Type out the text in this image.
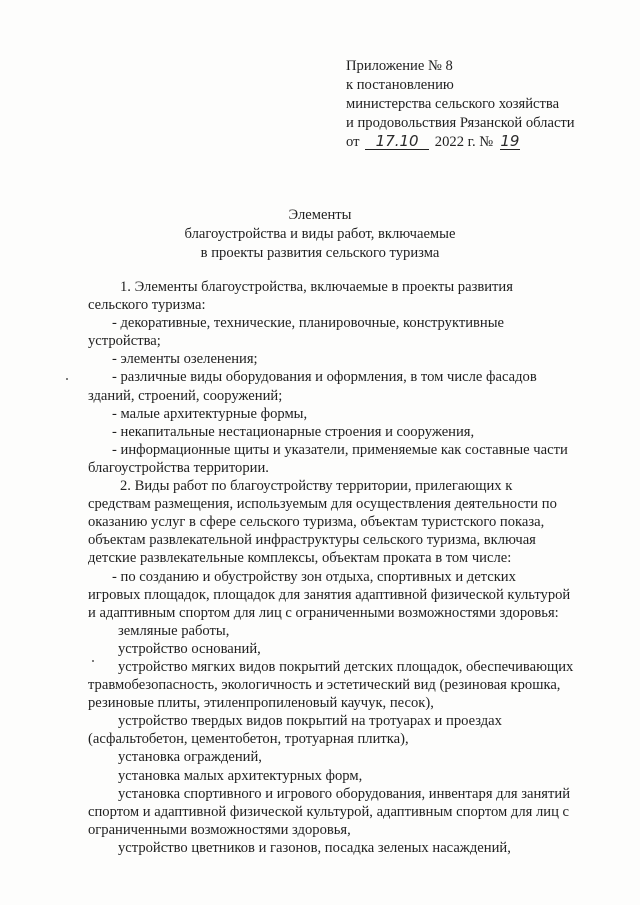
Приложение № 8
к постановлению
министерства сельского хозяйства
и продовольствия Рязанской области
от 17.10 2022 г. № 19
Элементы
благоустройства и виды работ, включаемые
в проекты развития сельского туризма
1. Элементы благоустройства, включаемые в проекты развития
сельского туризма:
- декоративные, технические, планировочные, конструктивные
устройства;
- элементы озеленения;
- различные виды оборудования и оформления, в том числе фасадов
зданий, строений, сооружений;
- малые архитектурные формы,
- некапитальные нестационарные строения и сооружения,
- информационные щиты и указатели, применяемые как составные части
благоустройства территории.
2. Виды работ по благоустройству территории, прилегающих к
средствам размещения, используемым для осуществления деятельности по
оказанию услуг в сфере сельского туризма, объектам туристского показа,
объектам развлекательной инфраструктуры сельского туризма, включая
детские развлекательные комплексы, объектам проката в том числе:
- по созданию и обустройству зон отдыха, спортивных и детских
игровых площадок, площадок для занятия адаптивной физической культурой
и адаптивным спортом для лиц с ограниченными возможностями здоровья:
земляные работы,
устройство оснований,
устройство мягких видов покрытий детских площадок, обеспечивающих
травмобезопасность, экологичность и эстетический вид (резиновая крошка,
резиновые плиты, этиленпропиленовый каучук, песок),
устройство твердых видов покрытий на тротуарах и проездах
(асфальтобетон, цементобетон, тротуарная плитка),
установка ограждений,
установка малых архитектурных форм,
установка спортивного и игрового оборудования, инвентаря для занятий
спортом и адаптивной физической культурой, адаптивным спортом для лиц с
ограниченными возможностями здоровья,
устройство цветников и газонов, посадка зеленых насаждений,
